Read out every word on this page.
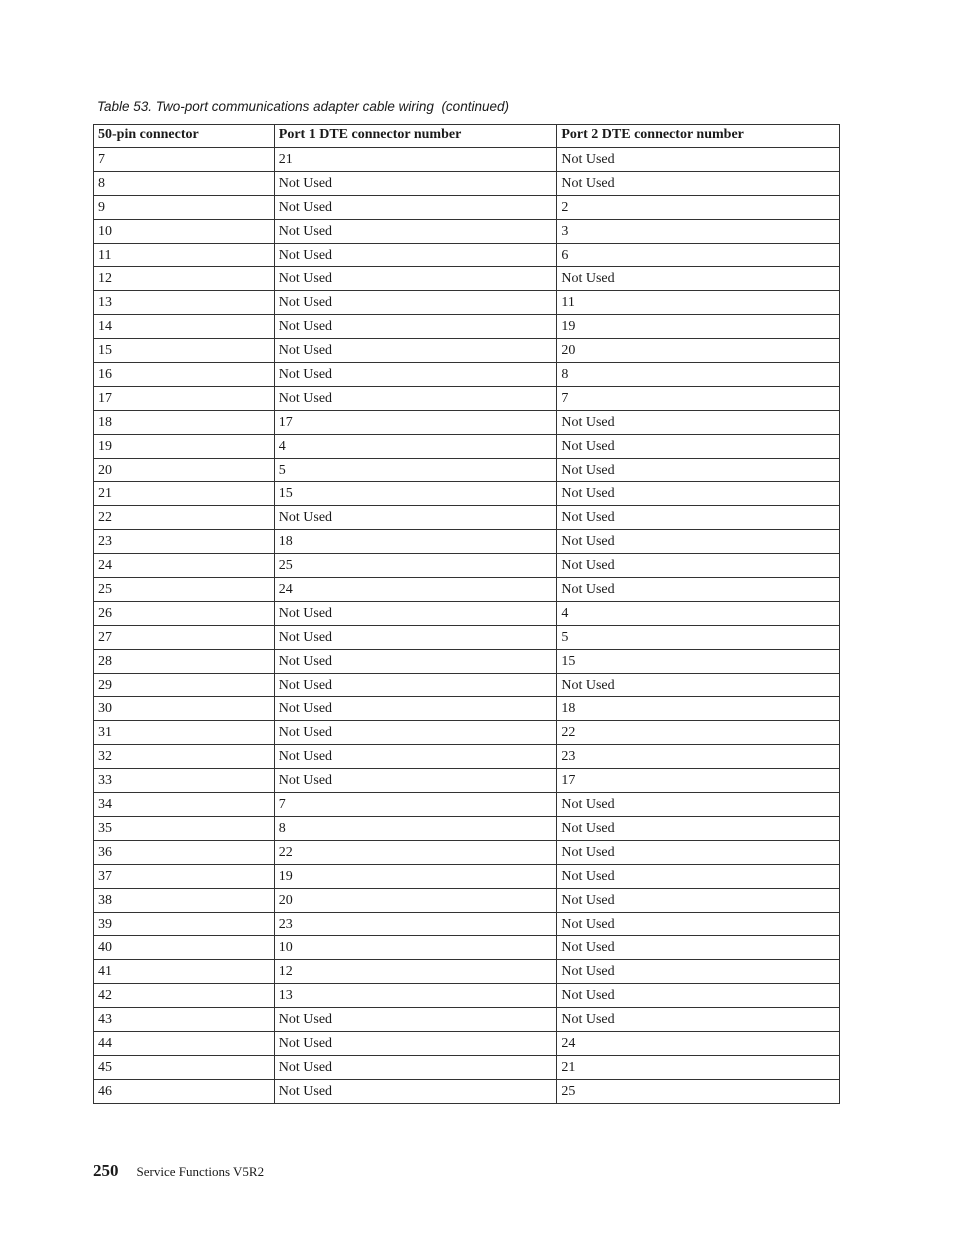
Table 53. Two-port communications adapter cable wiring (continued)
50-pin connector	Port 1 DTE connector number	Port 2 DTE connector number
7	21	Not Used
8	Not Used	Not Used
9	Not Used	2
10	Not Used	3
11	Not Used	6
12	Not Used	Not Used
13	Not Used	11
14	Not Used	19
15	Not Used	20
16	Not Used	8
17	Not Used	7
18	17	Not Used
19	4	Not Used
20	5	Not Used
21	15	Not Used
22	Not Used	Not Used
23	18	Not Used
24	25	Not Used
25	24	Not Used
26	Not Used	4
27	Not Used	5
28	Not Used	15
29	Not Used	Not Used
30	Not Used	18
31	Not Used	22
32	Not Used	23
33	Not Used	17
34	7	Not Used
35	8	Not Used
36	22	Not Used
37	19	Not Used
38	20	Not Used
39	23	Not Used
40	10	Not Used
41	12	Not Used
42	13	Not Used
43	Not Used	Not Used
44	Not Used	24
45	Not Used	21
46	Not Used	25
250 Service Functions V5R2
